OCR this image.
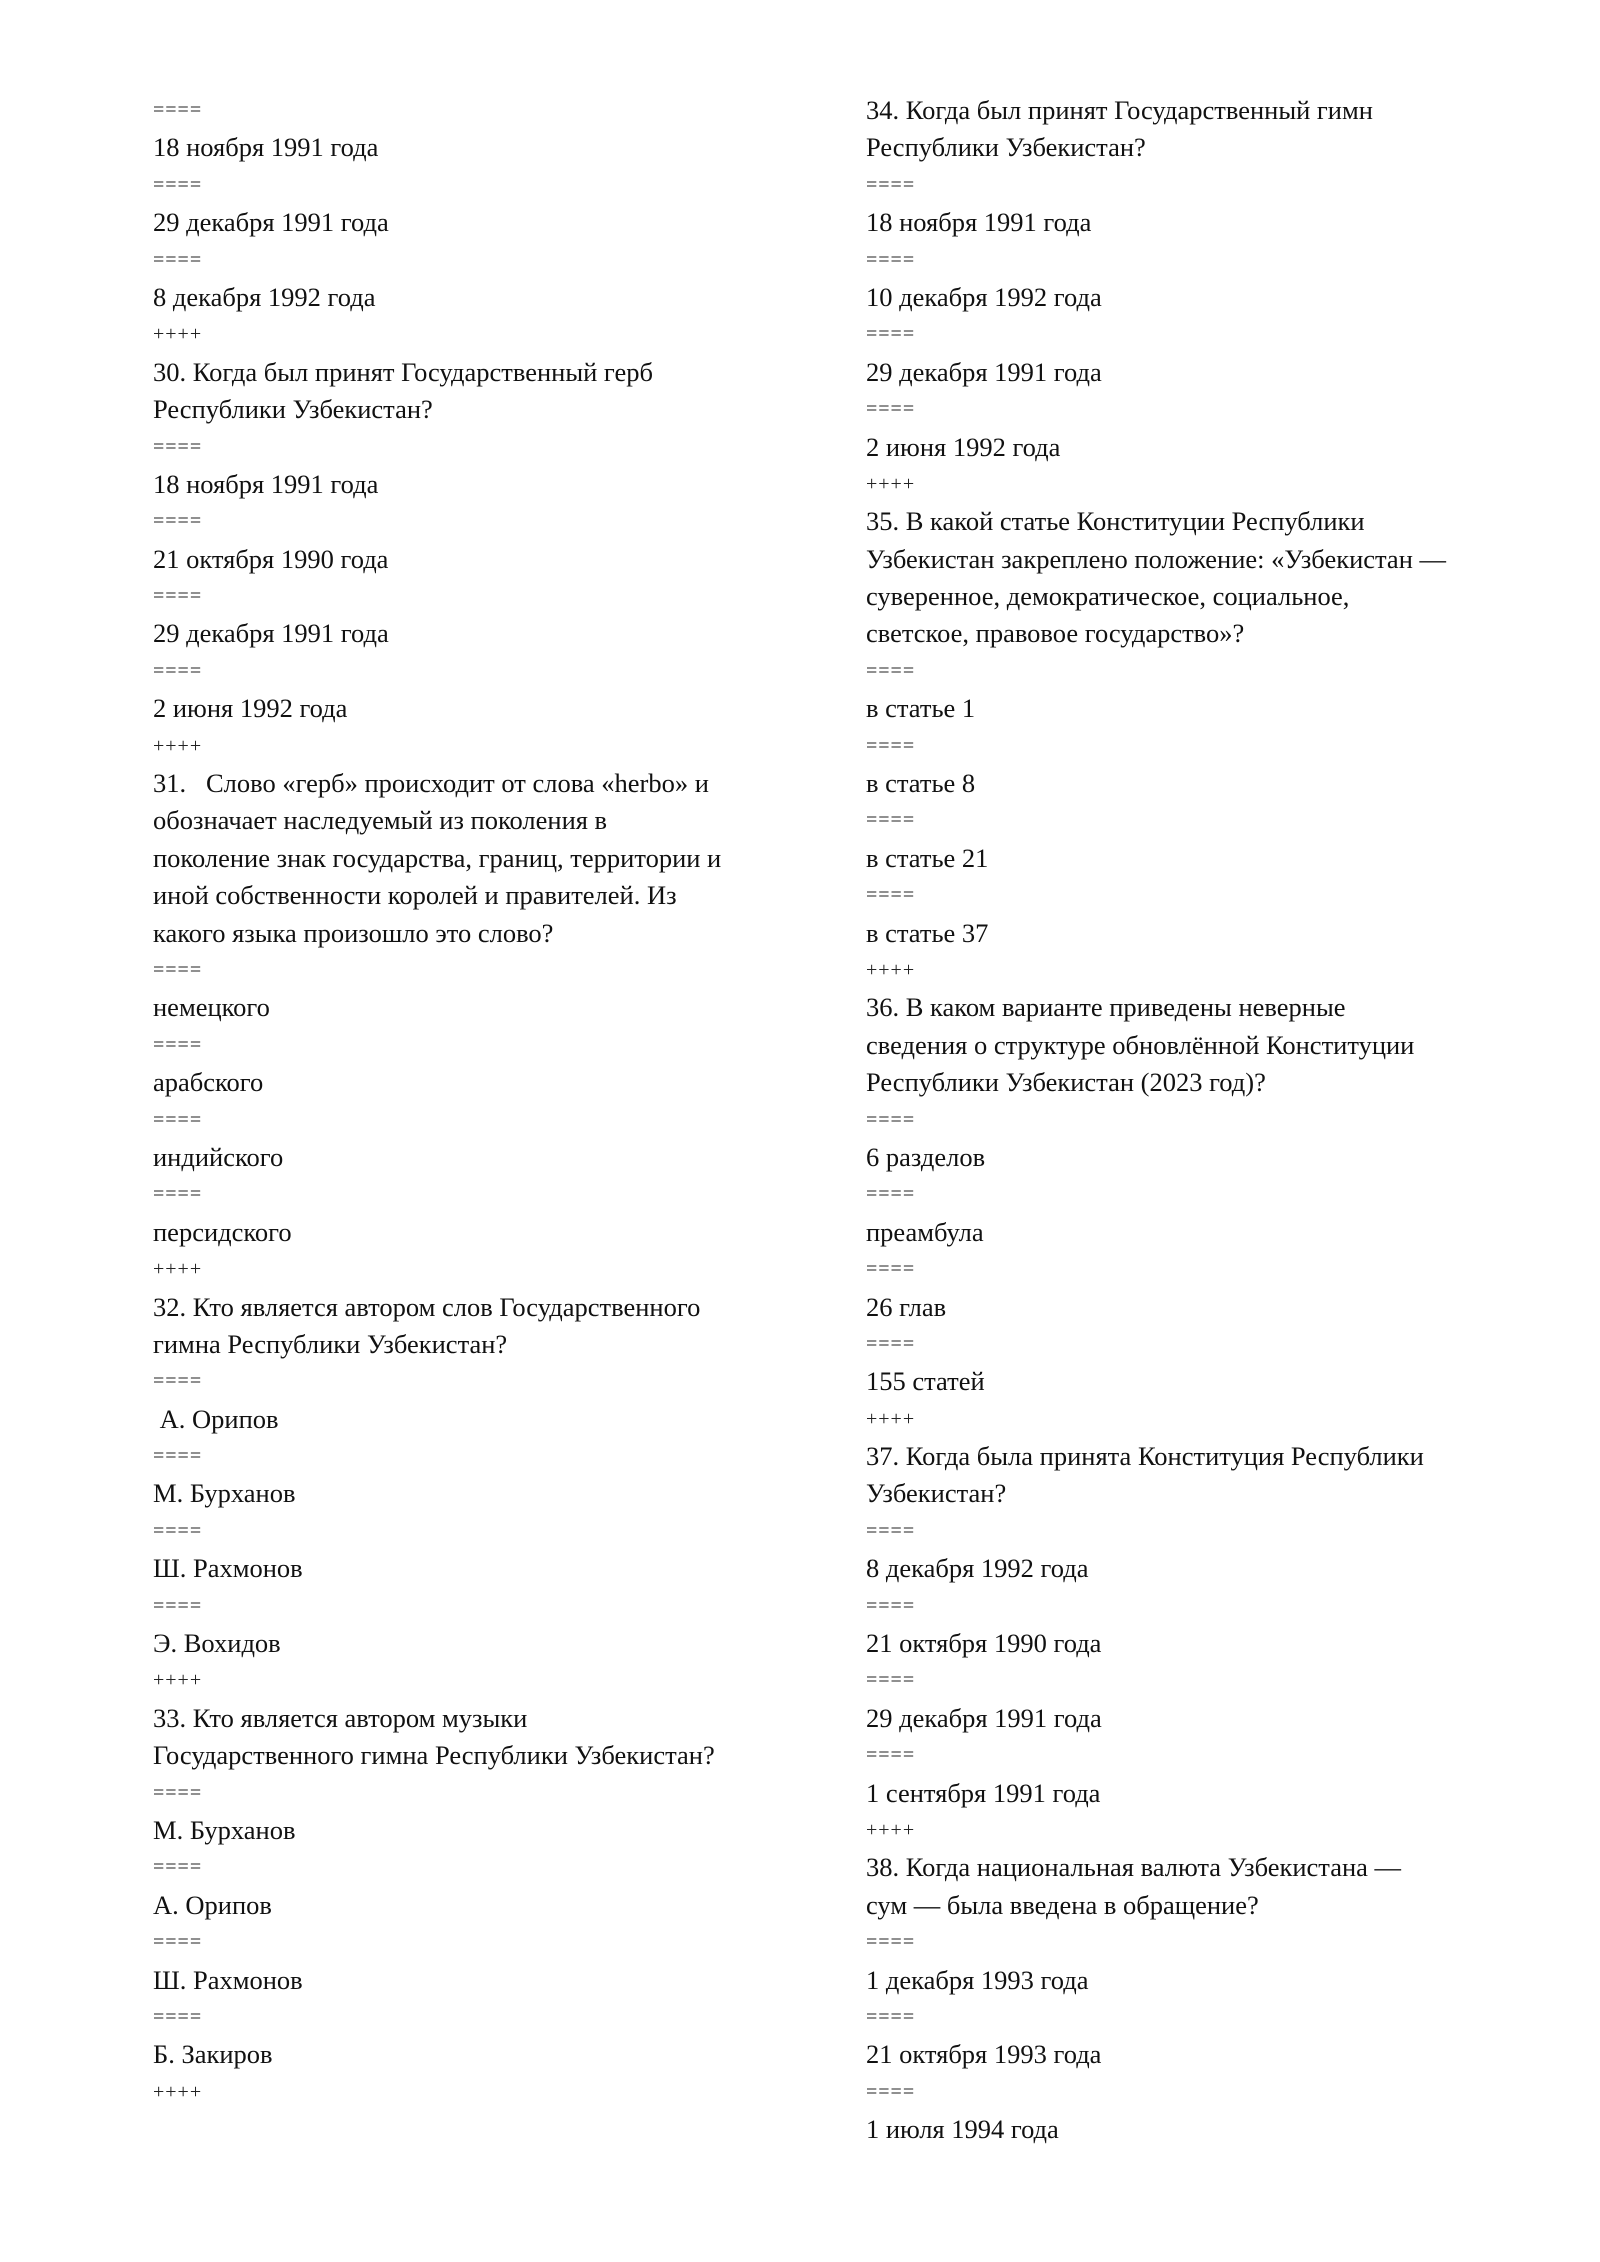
====
18 ноября 1991 года
====
29 декабря 1991 года
====
8 декабря 1992 года
++++
30. Когда был принят Государственный герб
Республики Узбекистан?
====
18 ноября 1991 года
====
21 октября 1990 года
====
29 декабря 1991 года
====
2 июня 1992 года
++++
31.   Слово «герб» происходит от слова «herbo» и
обозначает наследуемый из поколения в
поколение знак государства, границ, территории и
иной собственности королей и правителей. Из
какого языка произошло это слово?
====
немецкого
====
арабского
====
индийского
====
персидского
++++
32. Кто является автором слов Государственного
гимна Республики Узбекистан?
====
А. Орипов
====
М. Бурханов
====
Ш. Рахмонов
====
Э. Вохидов
++++
33. Кто является автором музыки
Государственного гимна Республики Узбекистан?
====
М. Бурханов
====
А. Орипов
====
Ш. Рахмонов
====
Б. Закиров
++++
34. Когда был принят Государственный гимн
Республики Узбекистан?
====
18 ноября 1991 года
====
10 декабря 1992 года
====
29 декабря 1991 года
====
2 июня 1992 года
++++
35. В какой статье Конституции Республики
Узбекистан закреплено положение: «Узбекистан —
суверенное, демократическое, социальное,
светское, правовое государство»?
====
в статье 1
====
в статье 8
====
в статье 21
====
в статье 37
++++
36. В каком варианте приведены неверные
сведения о структуре обновлённой Конституции
Республики Узбекистан (2023 год)?
====
6 разделов
====
преамбула
====
26 глав
====
155 статей
++++
37. Когда была принята Конституция Республики
Узбекистан?
====
8 декабря 1992 года
====
21 октября 1990 года
====
29 декабря 1991 года
====
1 сентября 1991 года
++++
38. Когда национальная валюта Узбекистана —
сум — была введена в обращение?
====
1 декабря 1993 года
====
21 октября 1993 года
====
1 июля 1994 года
